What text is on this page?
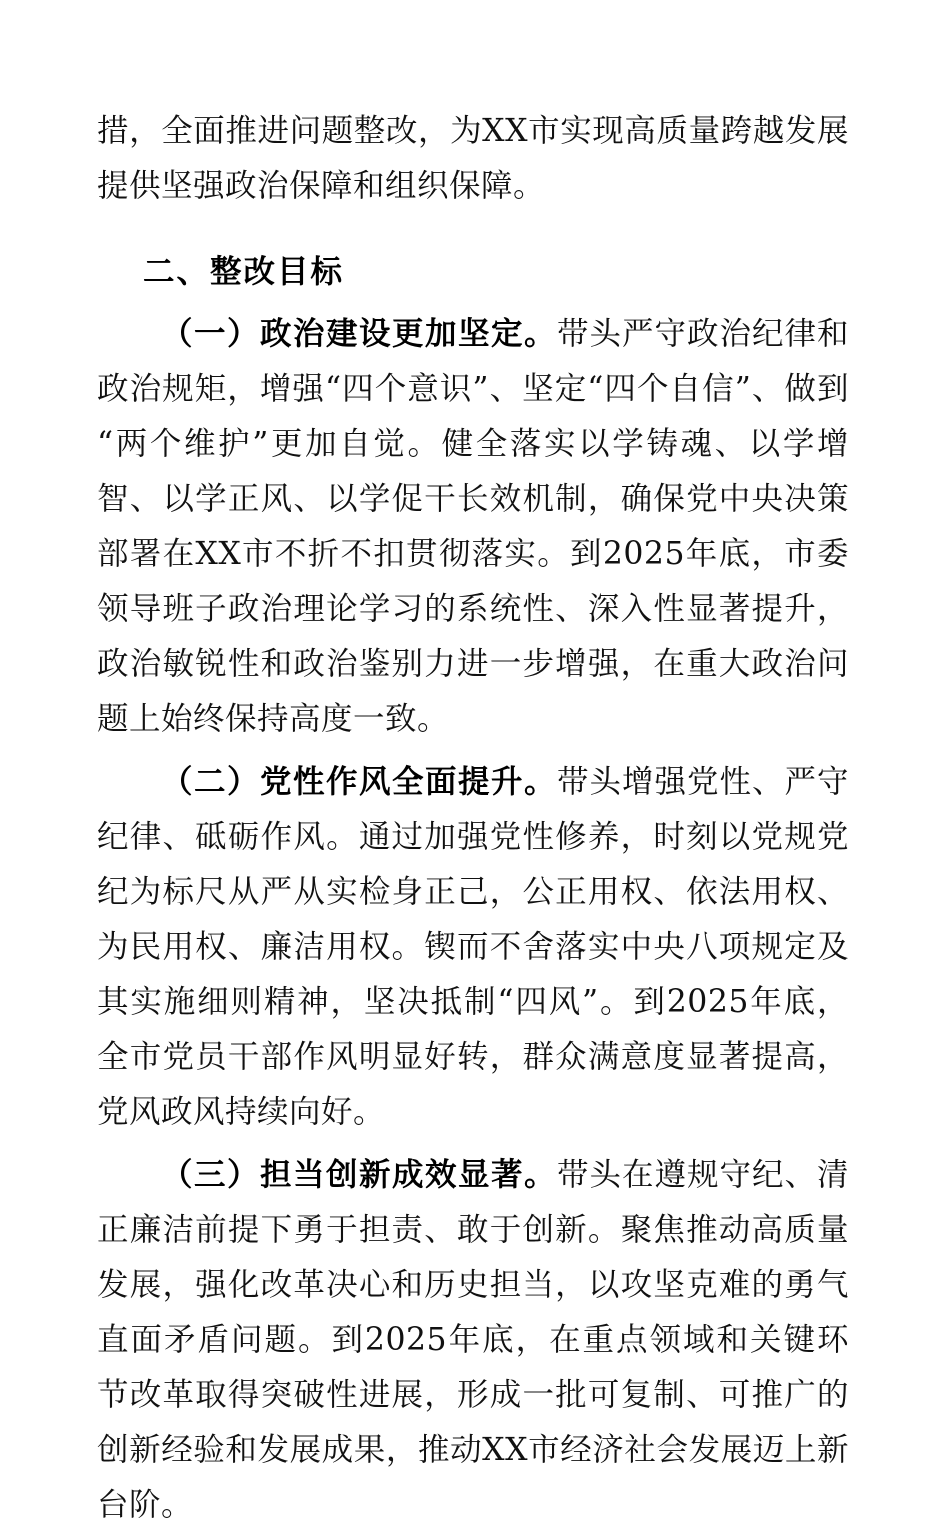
措，全面推进问题整改，为XX市实现高质量跨越发展提供坚强政治保障和组织保障。

二、整改目标

（一）政治建设更加坚定。带头严守政治纪律和政治规矩，增强“四个意识”、坚定“四个自信”、做到“两个维护”更加自觉。健全落实以学铸魂、以学增智、以学正风、以学促干长效机制，确保党中央决策部署在XX市不折不扣贯彻落实。到2025年底，市委领导班子政治理论学习的系统性、深入性显著提升，政治敏锐性和政治鉴别力进一步增强，在重大政治问题上始终保持高度一致。

（二）党性作风全面提升。带头增强党性、严守纪律、砥砺作风。通过加强党性修养，时刻以党规党纪为标尺从严从实检身正己，公正用权、依法用权、为民用权、廉洁用权。锲而不舍落实中央八项规定及其实施细则精神，坚决抵制“四风”。到2025年底，全市党员干部作风明显好转，群众满意度显著提高，党风政风持续向好。

（三）担当创新成效显著。带头在遵规守纪、清正廉洁前提下勇于担责、敢于创新。聚焦推动高质量发展，强化改革决心和历史担当，以攻坚克难的勇气直面矛盾问题。到2025年底，在重点领域和关键环节改革取得突破性进展，形成一批可复制、可推广的创新经验和发展成果，推动XX市经济社会发展迈上新台阶。
